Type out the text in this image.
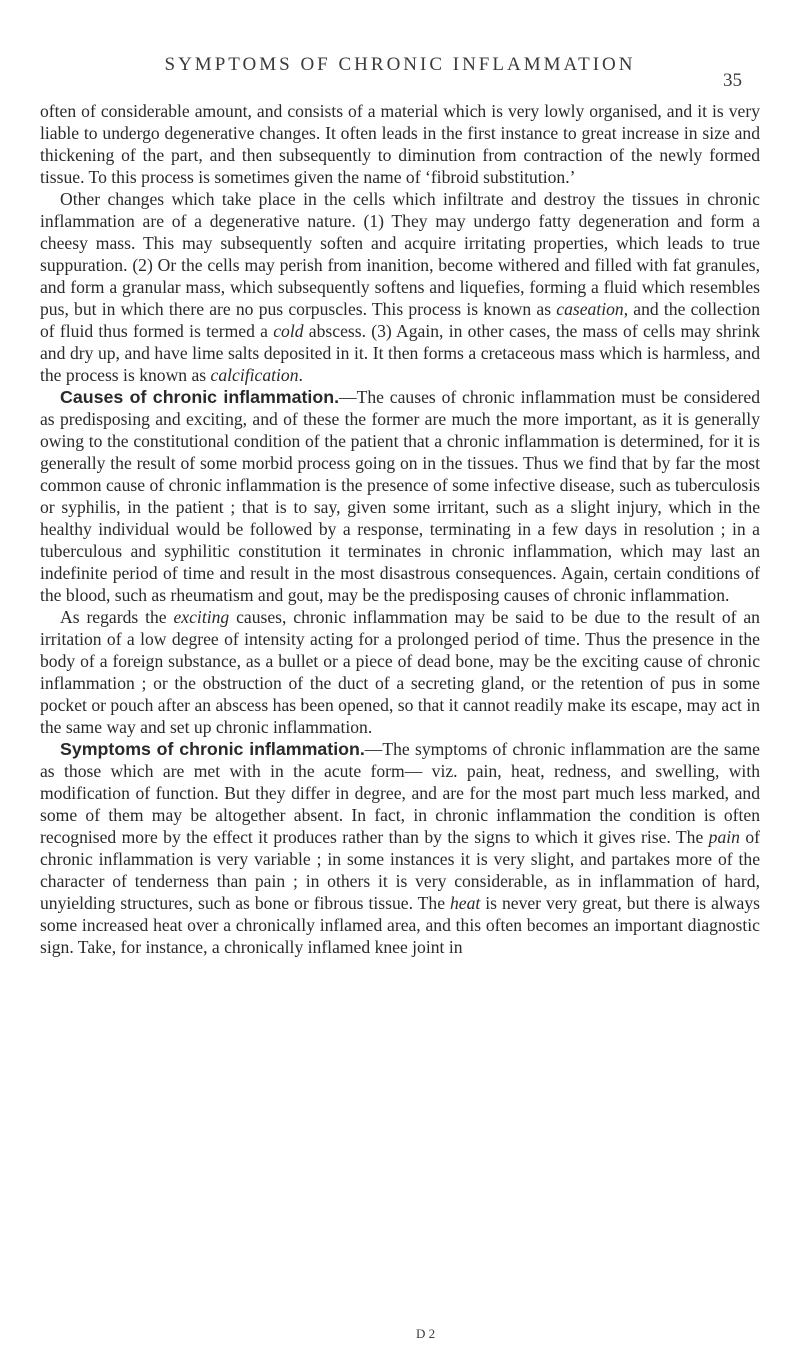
SYMPTOMS OF CHRONIC INFLAMMATION
35

often of considerable amount, and consists of a material which is very lowly organised, and it is very liable to undergo degenerative changes. It often leads in the first instance to great increase in size and thickening of the part, and then subsequently to diminution from contraction of the newly formed tissue. To this process is sometimes given the name of ‘fibroid substitution.’

Other changes which take place in the cells which infiltrate and destroy the tissues in chronic inflammation are of a degenerative nature. (1) They may undergo fatty degeneration and form a cheesy mass. This may subsequently soften and acquire irritating properties, which leads to true suppuration. (2) Or the cells may perish from inanition, become withered and filled with fat granules, and form a granular mass, which subsequently softens and liquefies, forming a fluid which resembles pus, but in which there are no pus corpuscles. This process is known as caseation, and the collection of fluid thus formed is termed a cold abscess. (3) Again, in other cases, the mass of cells may shrink and dry up, and have lime salts deposited in it. It then forms a cretaceous mass which is harmless, and the process is known as calcification.

Causes of chronic inflammation.—The causes of chronic inflammation must be considered as predisposing and exciting, and of these the former are much the more important, as it is generally owing to the constitutional condition of the patient that a chronic inflammation is determined, for it is generally the result of some morbid process going on in the tissues. Thus we find that by far the most common cause of chronic inflammation is the presence of some infective disease, such as tuberculosis or syphilis, in the patient ; that is to say, given some irritant, such as a slight injury, which in the healthy individual would be followed by a response, terminating in a few days in resolution ; in a tuberculous and syphilitic constitution it terminates in chronic inflammation, which may last an indefinite period of time and result in the most disastrous consequences. Again, certain conditions of the blood, such as rheumatism and gout, may be the predisposing causes of chronic inflammation.

As regards the exciting causes, chronic inflammation may be said to be due to the result of an irritation of a low degree of intensity acting for a prolonged period of time. Thus the presence in the body of a foreign substance, as a bullet or a piece of dead bone, may be the exciting cause of chronic inflammation ; or the obstruction of the duct of a secreting gland, or the retention of pus in some pocket or pouch after an abscess has been opened, so that it cannot readily make its escape, may act in the same way and set up chronic inflammation.

Symptoms of chronic inflammation.—The symptoms of chronic inflammation are the same as those which are met with in the acute form— viz. pain, heat, redness, and swelling, with modification of function. But they differ in degree, and are for the most part much less marked, and some of them may be altogether absent. In fact, in chronic inflammation the condition is often recognised more by the effect it produces rather than by the signs to which it gives rise. The pain of chronic inflammation is very variable ; in some instances it is very slight, and partakes more of the character of tenderness than pain ; in others it is very considerable, as in inflammation of hard, unyielding structures, such as bone or fibrous tissue. The heat is never very great, but there is always some increased heat over a chronically inflamed area, and this often becomes an important diagnostic sign. Take, for instance, a chronically inflamed knee joint in

D 2
